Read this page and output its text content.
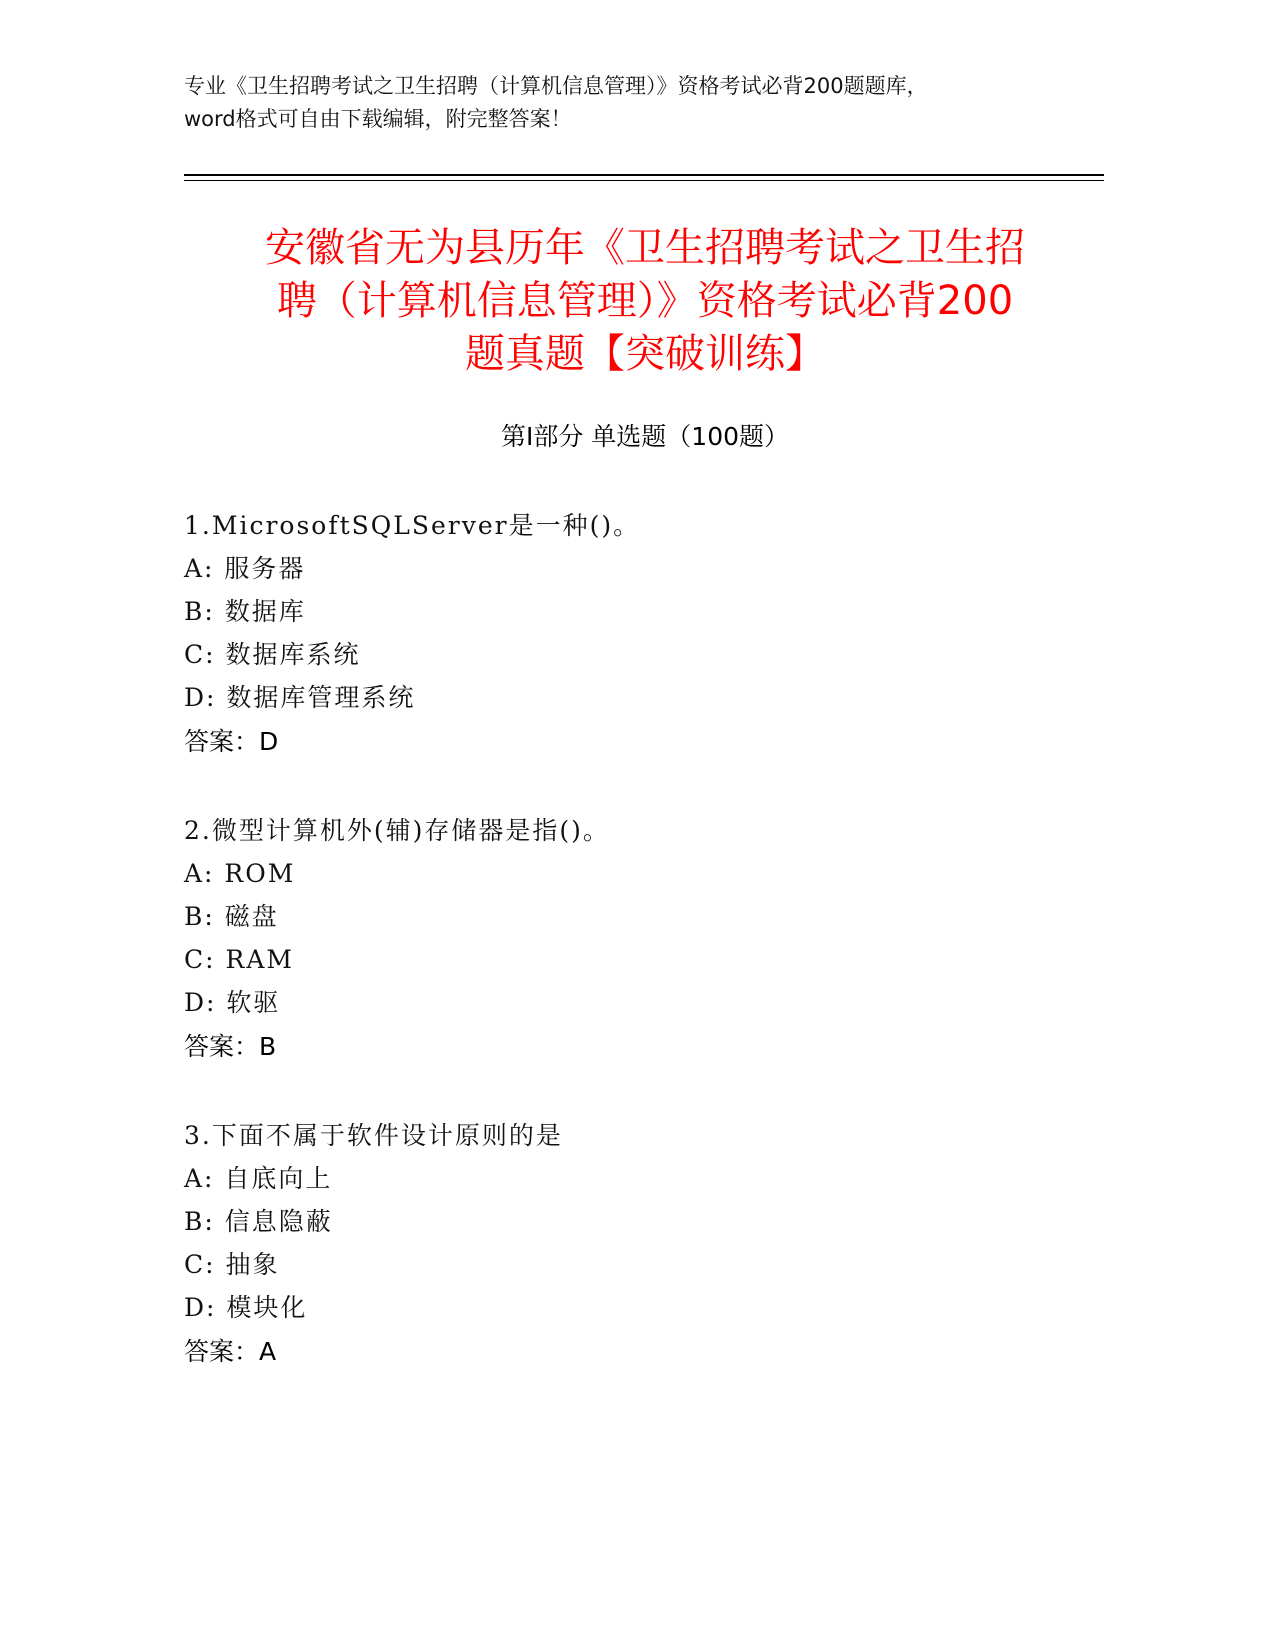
专业《卫生招聘考试之卫生招聘（计算机信息管理）》资格考试必背200题题库，
word格式可自由下载编辑，附完整答案！
安徽省无为县历年《卫生招聘考试之卫生招
聘（计算机信息管理）》资格考试必背200
题真题【突破训练】
第I部分 单选题（100题）
1.MicrosoftSQLServer是一种()。
A: 服务器
B: 数据库
C: 数据库系统
D: 数据库管理系统
答案：D
2.微型计算机外(辅)存储器是指()。
A: ROM
B: 磁盘
C: RAM
D: 软驱
答案：B
3.下面不属于软件设计原则的是
A: 自底向上
B: 信息隐蔽
C: 抽象
D: 模块化
答案：A
